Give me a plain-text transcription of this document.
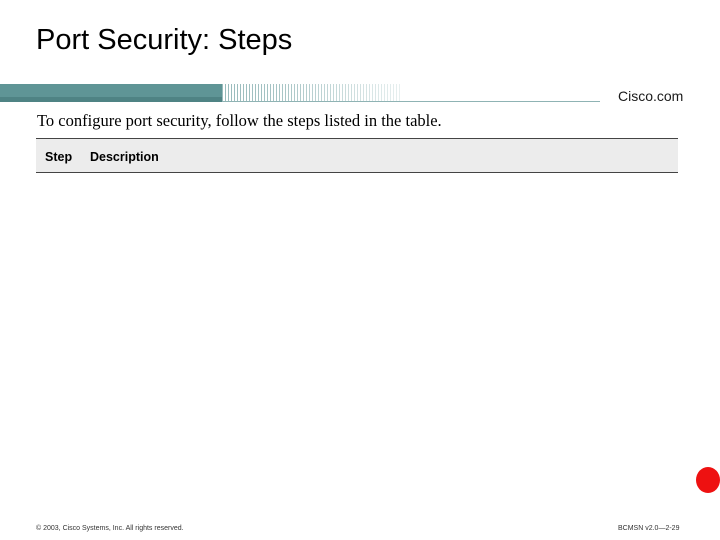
Port Security: Steps
Cisco.com
To configure port security, follow the steps listed in the table.
Step Description
© 2003, Cisco Systems, Inc. All rights reserved.	BCMSN v2.0—2-29
